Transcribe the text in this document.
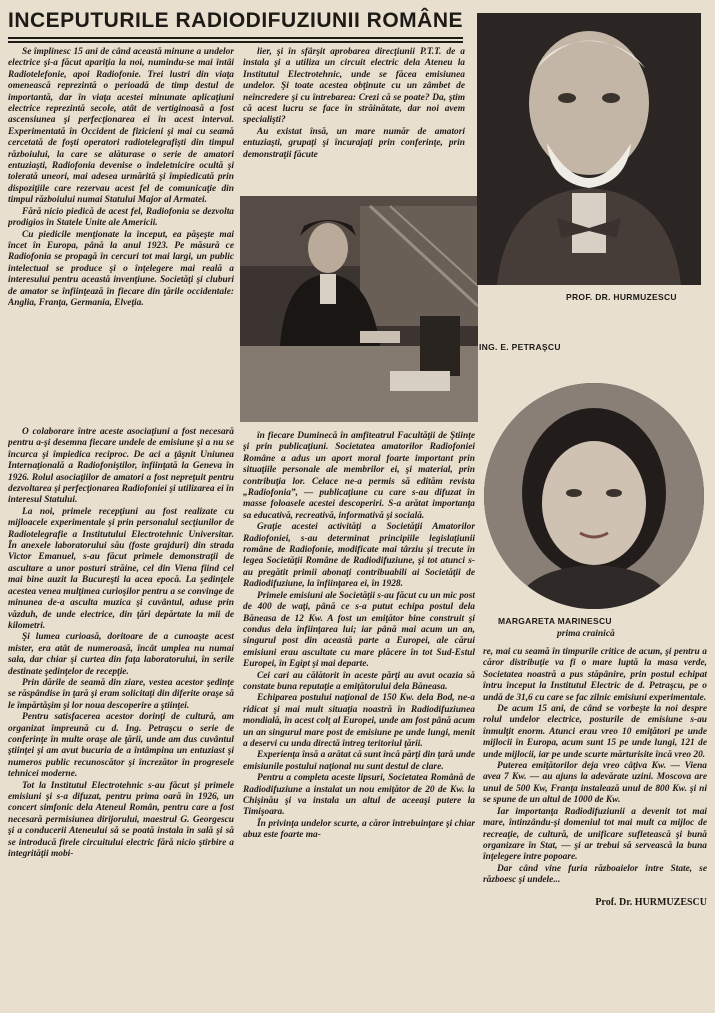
INCEPUTURILE RADIODIFUZIUNII ROMÂNE

Se împlinesc 15 ani de când această minune a undelor electrice şi-a făcut apariţia la noi, numindu-se mai întâi Radiotelefonie, apoi Radiofonie. Trei lustri din viaţa omenească reprezintă o perioadă de timp destul de importantă, dar în viaţa acestei minunate aplicaţiuni electrice reprezintă secole, atât de vertiginoasă a fost ascensiunea şi perfecţionarea ei în acest interval. Experimentată în Occident de fizicieni şi mai cu seamă cercetată de foşti operatori radiotelegrafişti din timpul războiului, la care se alăturase o serie de amatori entuziaşti, Radiofonia devenise o îndeletnicire ocultă şi tolerată uneori, mai adesea urmărită şi împiedicată prin dispoziţiile care rezervau acest fel de comunicaţie din timpul războiului numai Statului Major al Armatei.

Fără nicio piedică de acest fel, Radiofonia se dezvolta prodigios în Statele Unite ale Americii.

Cu piedicile menţionate la început, ea păşeşte mai încet în Europa, până la anul 1923. Pe măsură ce Radiofonia se propagă în cercuri tot mai largi, un public intelectual se produce şi o înţelegere mai reală a interesului pentru această invenţiune. Societăţi şi cluburi de amator se înfiinţează în fiecare din ţările occidentale: Anglia, Franţa, Germania, Elveţia.

lier, şi în sfârşit aprobarea direcţiunii P.T.T. de a instala şi a utiliza un circuit electric dela Ateneu la Institutul Electrotehnic, unde se făcea emisiunea undelor. Şi toate acestea obţinute cu un zâmbet de neîncredere şi cu întrebarea: Crezi că se poate? Da, ştim că acest lucru se face în străinătate, dar noi avem specialişti?

Au existat însă, un mare număr de amatori entuziaşti, grupaţi şi încurajaţi prin conferinţe, prin demonstraţii făcute

ING. E. PETRAŞCU
PROF. DR. HURMUZESCU

O colaborare între aceste asociaţiuni a fost necesară pentru a-şi desemna fiecare undele de emisiune şi a nu se încurca şi împiedica reciproc. De aci a ţâşnit Uniunea Internaţională a Radiofoniştilor, înfiinţată la Geneva în 1926. Rolul asociaţiilor de amatori a fost nepreţuit pentru dezvoltarea şi perfecţionarea Radiofoniei şi utilizarea ei în interesul Statului.

La noi, primele recepţiuni au fost realizate cu mijloacele experimentale şi prin personalul secţiunilor de Radiotelegrafie a Institutului Electrotehnic Universitar. În anexele laboratorului său (foste grajduri) din strada Victor Emanuel, s-au făcut primele demonstraţii de ascultare a unor posturi străine, cel din Viena fiind cel mai bine auzit la Bucureşti la acea epocă. La şedinţele acestea venea mulţimea curioşilor pentru a se convinge de minunea de-a asculta muzica şi cuvântul, aduse prin văzduh, de unde electrice, din ţări depărtate la mii de kilometri.

Şi lumea curioasă, doritoare de a cunoaşte acest mister, era atât de numeroasă, încât umplea nu numai sala, dar chiar şi curtea din faţa laboratorului, în serile destinate şedinţelor de recepţie.

Prin dările de seamă din ziare, vestea acestor şedinţe se răspândise în ţară şi eram solicitaţi din diferite oraşe să le împărtăşim şi lor noua descoperire a ştiinţei.

Pentru satisfacerea acestor dorinţi de cultură, am organizat împreună cu d. Ing. Petraşcu o serie de conferinţe în multe oraşe ale ţării, unde am dus cuvântul ştiinţei şi am avut bucuria de a întâmpina un entuziast şi numeros public recunoscător şi încrezător în progresele tehnicei moderne.

Tot la Institutul Electrotehnic s-au făcut şi primele emisiuni şi s-a difuzat, pentru prima oară în 1926, un concert simfonic dela Ateneul Român, pentru care a fost necesară permisiunea dirijorului, maestrul G. Georgescu şi a conducerii Ateneului să se poată instala în sală şi să se introducă firele circuitului electric fără nicio ştirbire a integrităţii mobi-

în fiecare Duminecă în amfiteatrul Facultăţii de Ştiinţe şi prin publicaţiuni. Societatea amatorilor Radiofoniei Române a adus un aport moral foarte important prin situaţiile personale ale membrilor ei, şi material, prin contribuţia lor. Celace ne-a permis să edităm revista „Radiofonia”, — publicaţiune cu care s-au difuzat în masse foloasele acestei descoperiri. S-a arătat importanţa sa educativă, recreativă, informativă şi socială.

Graţie acestei activităţi a Societăţii Amatorilor Radiofoniei, s-au determinat principiile legislaţiunii române de Radiofonie, modificate mai târziu şi trecute în legea Societăţii Române de Radiodifuziune, şi tot atunci s-au pregătit primii abonaţi contribuabili ai Societăţii de Radiodifuziune, la înfiinţarea ei, în 1928.

Primele emisiuni ale Societăţii s-au făcut cu un mic post de 400 de waţi, până ce s-a putut echipa postul dela Băneasa de 12 Kw. A fost un emiţător bine construit şi condus dela înfiinţarea lui; iar până mai acum un an, singurul post din această parte a Europei, ale cărui emisiuni erau ascultate cu mare plăcere în tot Sud-Estul Europei, în Egipt şi mai departe.

Cei cari au călătorit în aceste părţi au avut ocazia să constate buna reputaţie a emiţătorului dela Băneasa.

Echiparea postului naţional de 150 Kw. dela Bod, ne-a ridicat şi mai mult situaţia noastră în Radiodifuziunea mondială, în acest colţ al Europei, unde am fost până acum un an singurul mare post de emisiune pe unde lungi, menit a deservi cu unda directă întreg teritoriul ţării.

Experienţa însă a arătat că sunt încă părţi din ţară unde emisiunile postului naţional nu sunt destul de clare.

Pentru a completa aceste lipsuri, Societatea Română de Radiodifuziune a instalat un nou emiţător de 20 de Kw. la Chişinău şi va instala un altul de aceeaşi putere la Timişoara.

În privinţa undelor scurte, a căror întrebuinţare şi chiar abuz este foarte ma-

MARGARETA MARINESCU
prima crainică

re, mai cu seamă în timpurile critice de acum, şi pentru a căror distribuţie va fi o mare luptă la masa verde, Societatea noastră a pus stăpânire, prin postul echipat întru început la Institutul Electric de d. Petraşcu, pe o undă de 31,6 cu care se fac zilnic emisiuni experimentale.

De acum 15 ani, de când se vorbeşte la noi despre rolul undelor electrice, posturile de emisiune s-au înmulţit enorm. Atunci erau vreo 10 emiţători pe unde mijlocii în Europa, acum sunt 15 pe unde lungi, 121 de unde mijlocii, iar pe unde scurte mărturisite încă vreo 20.

Puterea emiţătorilor deja vreo câţiva Kw. — Viena avea 7 Kw. — au ajuns la adevărate uzini. Moscova are unul de 500 Kw, Franţa instalează unul de 800 Kw. şi ni se spune de un altul de 1000 de Kw.

Iar importanţa Radiodifuziunii a devenit tot mai mare, întinzându-şi domeniul tot mai mult ca mijloc de recreaţie, de cultură, de unificare sufletească şi bună organizare în Stat, — şi ar trebui să servească la buna înţelegere între popoare.

Dar când vine furia războaielor între State, se războesc şi undele...

Prof. Dr. HURMUZESCU
